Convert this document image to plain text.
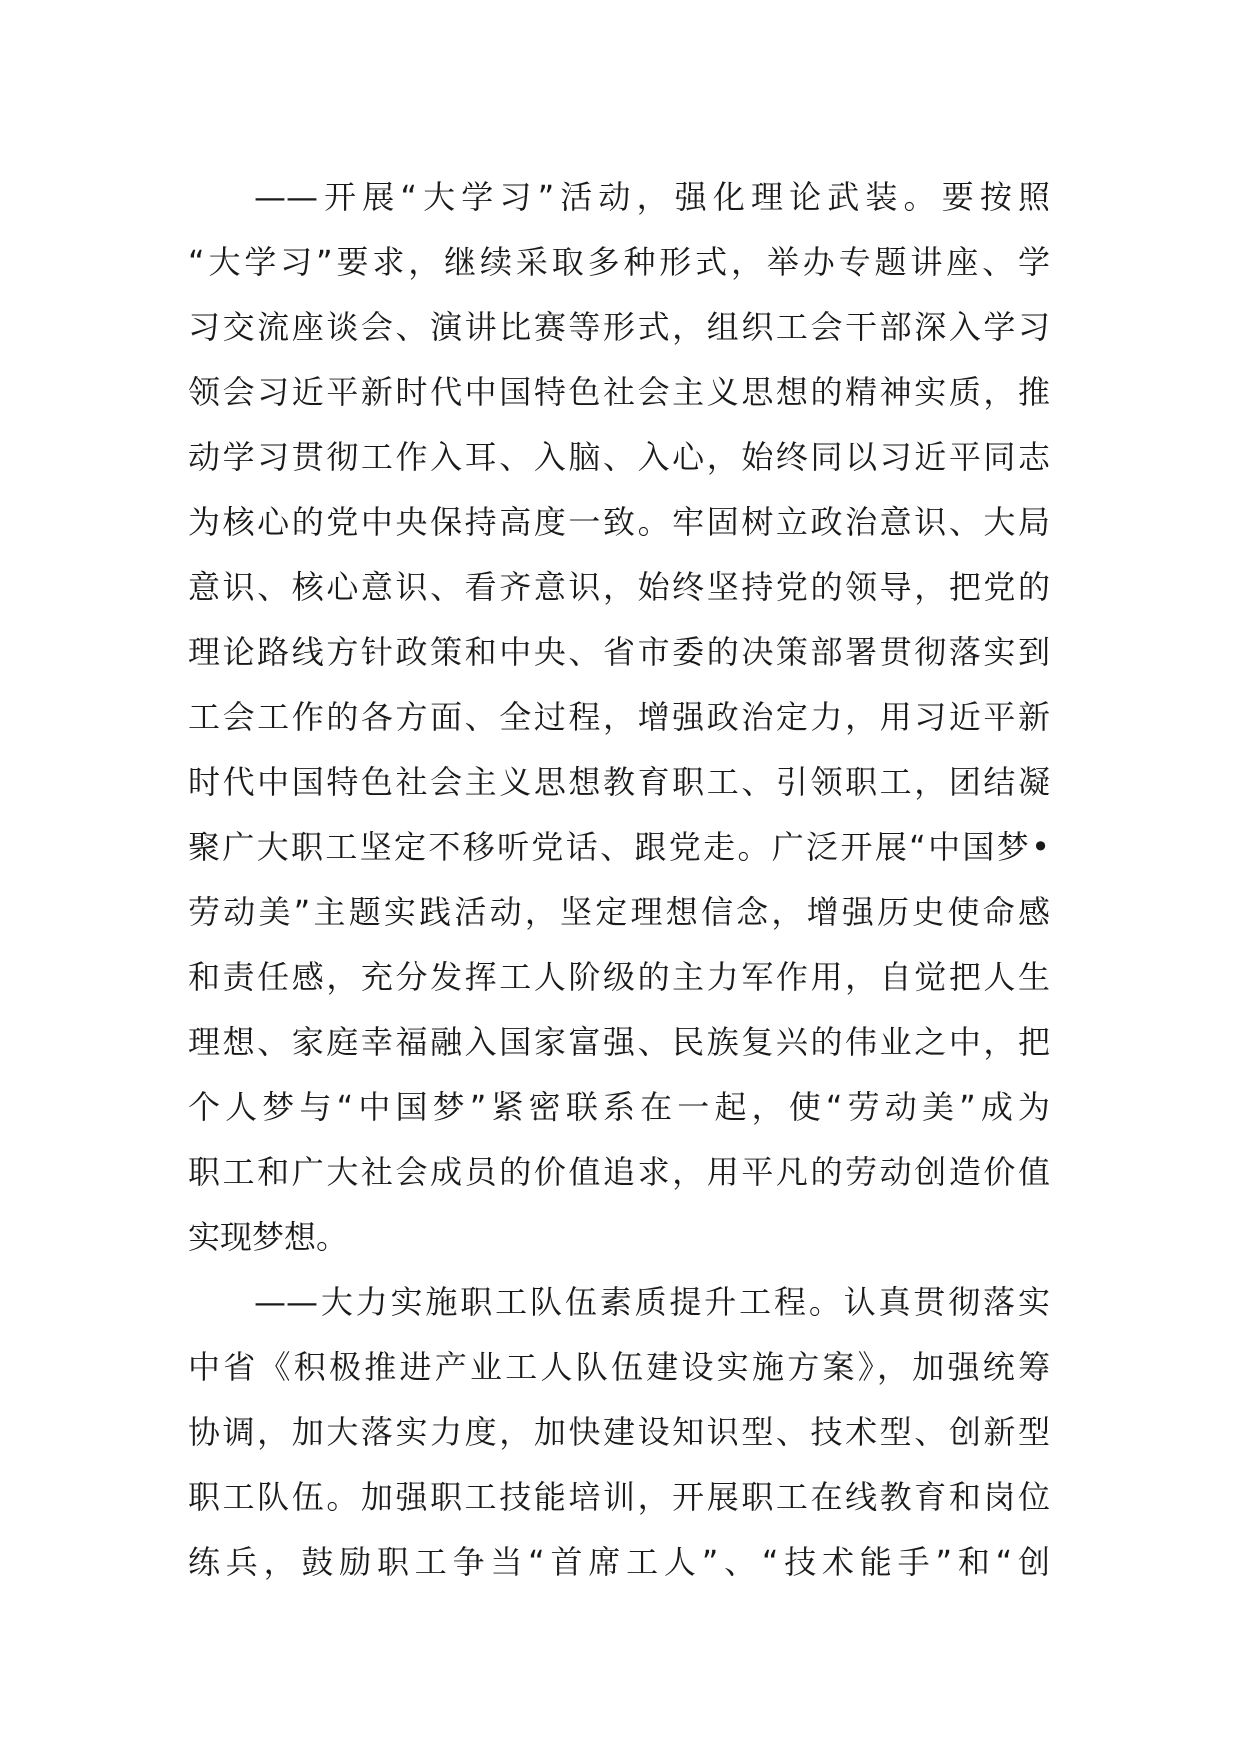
——开展“大学习”活动，强化理论武装。要按照
“大学习”要求，继续采取多种形式，举办专题讲座、学
习交流座谈会、演讲比赛等形式，组织工会干部深入学习
领会习近平新时代中国特色社会主义思想的精神实质，推
动学习贯彻工作入耳、入脑、入心，始终同以习近平同志
为核心的党中央保持高度一致。牢固树立政治意识、大局
意识、核心意识、看齐意识，始终坚持党的领导，把党的
理论路线方针政策和中央、省市委的决策部署贯彻落实到
工会工作的各方面、全过程，增强政治定力，用习近平新
时代中国特色社会主义思想教育职工、引领职工，团结凝
聚广大职工坚定不移听党话、跟党走。广泛开展“中国梦•
劳动美”主题实践活动，坚定理想信念，增强历史使命感
和责任感，充分发挥工人阶级的主力军作用，自觉把人生
理想、家庭幸福融入国家富强、民族复兴的伟业之中，把
个人梦与“中国梦”紧密联系在一起，使“劳动美”成为
职工和广大社会成员的价值追求，用平凡的劳动创造价值
实现梦想。
——大力实施职工队伍素质提升工程。认真贯彻落实
中省《积极推进产业工人队伍建设实施方案》，加强统筹
协调，加大落实力度，加快建设知识型、技术型、创新型
职工队伍。加强职工技能培训，开展职工在线教育和岗位
练兵，鼓励职工争当“首席工人”、“技术能手”和“创
